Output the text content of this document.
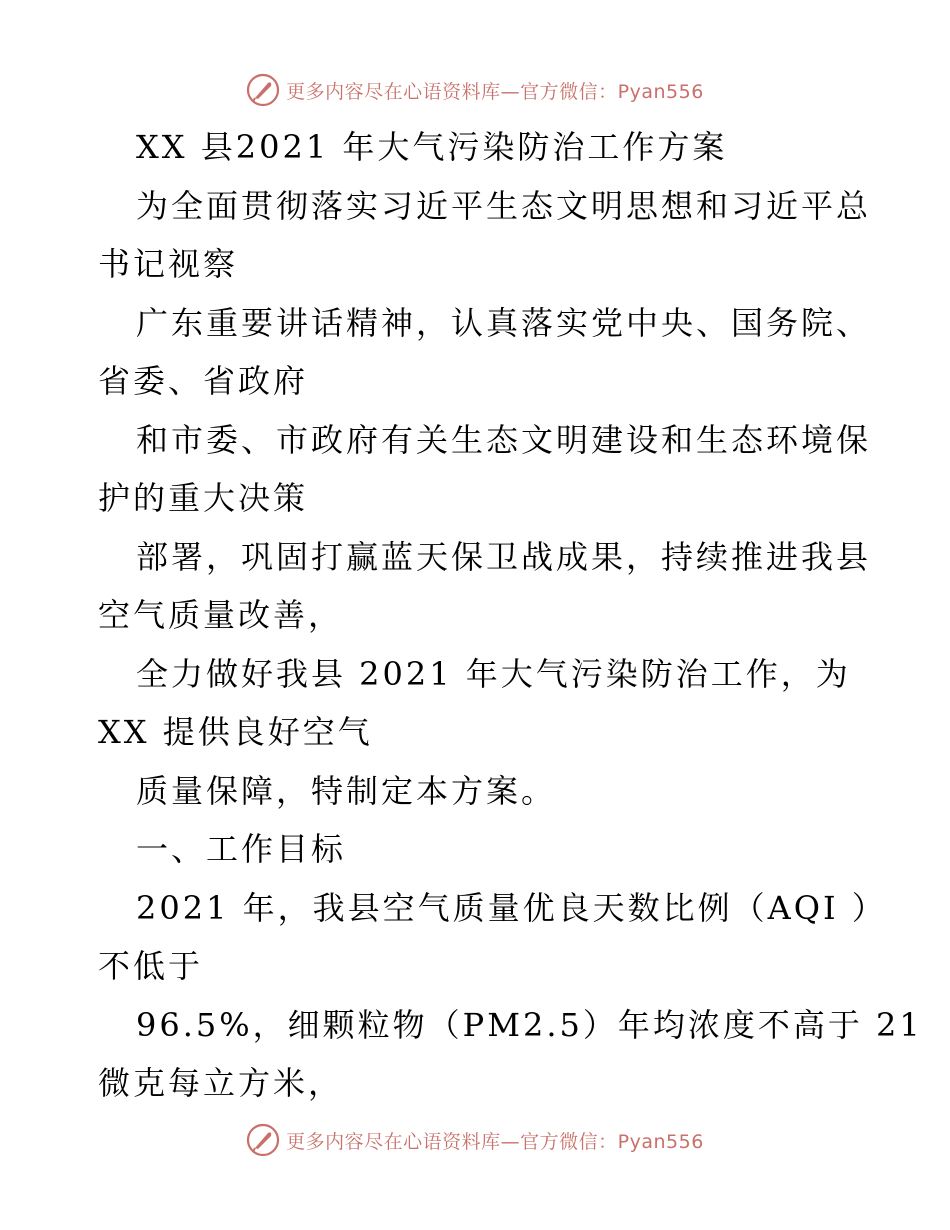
更多内容尽在心语资料库—官方微信：Pyan556
XX 县2021 年大气污染防治工作方案
为全面贯彻落实习近平生态文明思想和习近平总
书记视察
广东重要讲话精神，认真落实党中央、国务院、
省委、省政府
和市委、市政府有关生态文明建设和生态环境保
护的重大决策
部署，巩固打赢蓝天保卫战成果，持续推进我县
空气质量改善，
全力做好我县 2021 年大气污染防治工作，为
XX 提供良好空气
质量保障，特制定本方案。
一、工作目标
2021 年，我县空气质量优良天数比例（AQI ）
不低于
96.5%，细颗粒物（PM2.5）年均浓度不高于 21
微克每立方米，
更多内容尽在心语资料库—官方微信：Pyan556
